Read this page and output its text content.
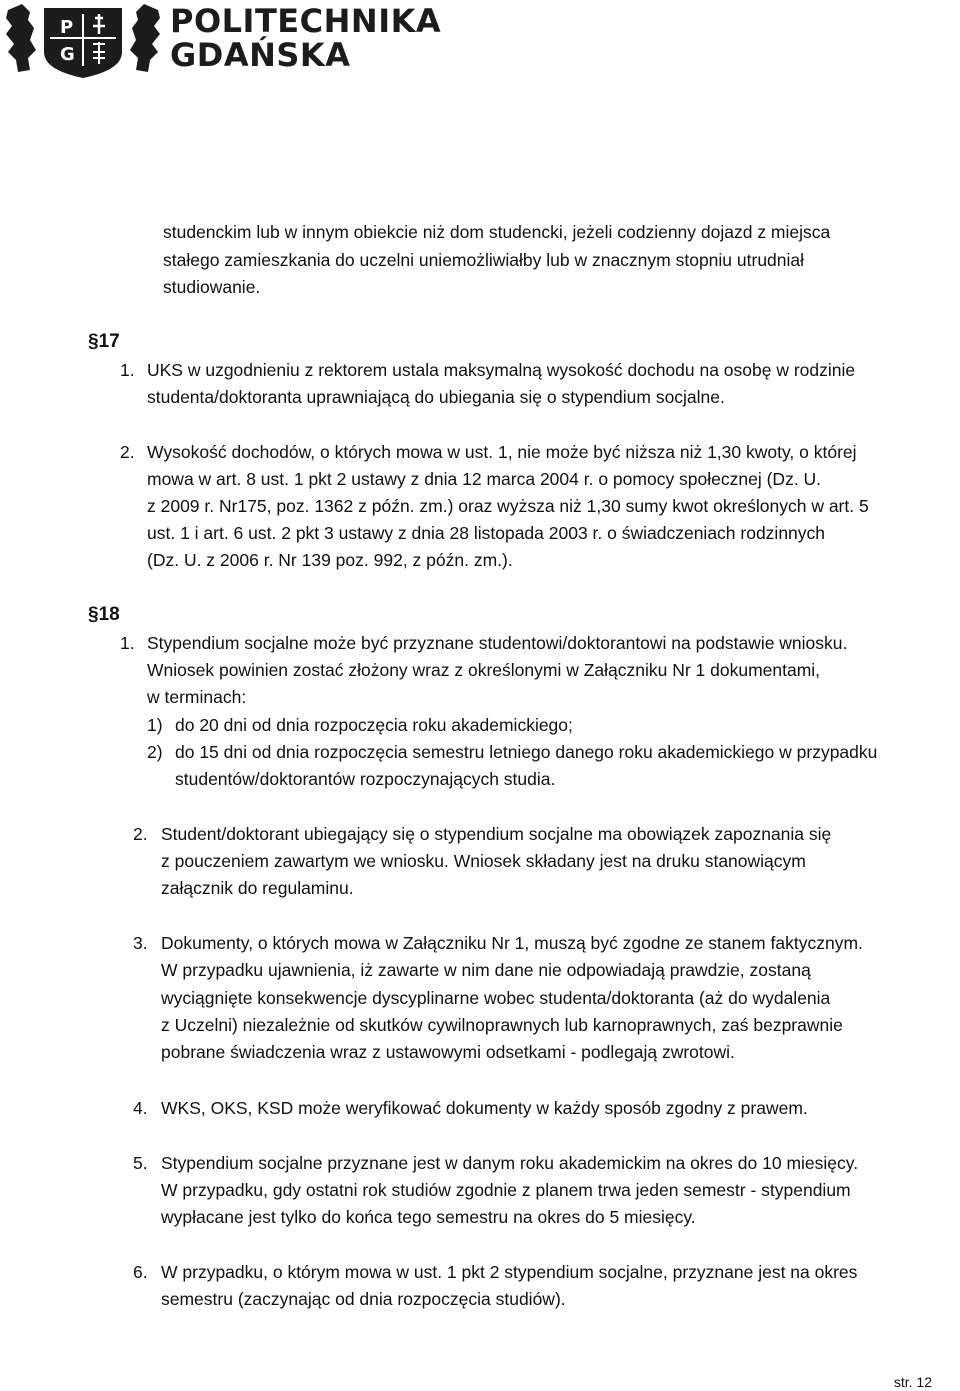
P
G
POLITECHNIKA
GDAŃSKA
studenckim lub w innym obiekcie niż dom studencki, jeżeli codzienny dojazd z miejsca
stałego zamieszkania do uczelni uniemożliwiałby lub w znacznym stopniu utrudniał
studiowanie.
§17
1. UKS w uzgodnieniu z rektorem ustala maksymalną wysokość dochodu na osobę w rodzinie
studenta/doktoranta uprawniającą do ubiegania się o stypendium socjalne.
2. Wysokość dochodów, o których mowa w ust. 1, nie może być niższa niż 1,30 kwoty, o której
mowa w art. 8 ust. 1 pkt 2 ustawy z dnia 12 marca 2004 r. o pomocy społecznej (Dz. U.
z 2009 r. Nr175, poz. 1362 z późn. zm.) oraz wyższa niż 1,30 sumy kwot określonych w art. 5
ust. 1 i art. 6 ust. 2 pkt 3 ustawy z dnia 28 listopada 2003 r. o świadczeniach rodzinnych
(Dz. U. z 2006 r. Nr 139 poz. 992, z późn. zm.).
§18
1. Stypendium socjalne może być przyznane studentowi/doktorantowi na podstawie wniosku.
Wniosek powinien zostać złożony wraz z określonymi w Załączniku Nr 1 dokumentami,
w terminach:
1) do 20 dni od dnia rozpoczęcia roku akademickiego;
2) do 15 dni od dnia rozpoczęcia semestru letniego danego roku akademickiego w przypadku
studentów/doktorantów rozpoczynających studia.
2. Student/doktorant ubiegający się o stypendium socjalne ma obowiązek zapoznania się
z pouczeniem zawartym we wniosku. Wniosek składany jest na druku stanowiącym
załącznik do regulaminu.
3. Dokumenty, o których mowa w Załączniku Nr 1, muszą być zgodne ze stanem faktycznym.
W przypadku ujawnienia, iż zawarte w nim dane nie odpowiadają prawdzie, zostaną
wyciągnięte konsekwencje dyscyplinarne wobec studenta/doktoranta (aż do wydalenia
z Uczelni) niezależnie od skutków cywilnoprawnych lub karnoprawnych, zaś bezprawnie
pobrane świadczenia wraz z ustawowymi odsetkami - podlegają zwrotowi.
4. WKS, OKS, KSD może weryfikować dokumenty w każdy sposób zgodny z prawem.
5. Stypendium socjalne przyznane jest w danym roku akademickim na okres do 10 miesięcy.
W przypadku, gdy ostatni rok studiów zgodnie z planem trwa jeden semestr - stypendium
wypłacane jest tylko do końca tego semestru na okres do 5 miesięcy.
6. W przypadku, o którym mowa w ust. 1 pkt 2 stypendium socjalne, przyznane jest na okres
semestru (zaczynając od dnia rozpoczęcia studiów).
str. 12
